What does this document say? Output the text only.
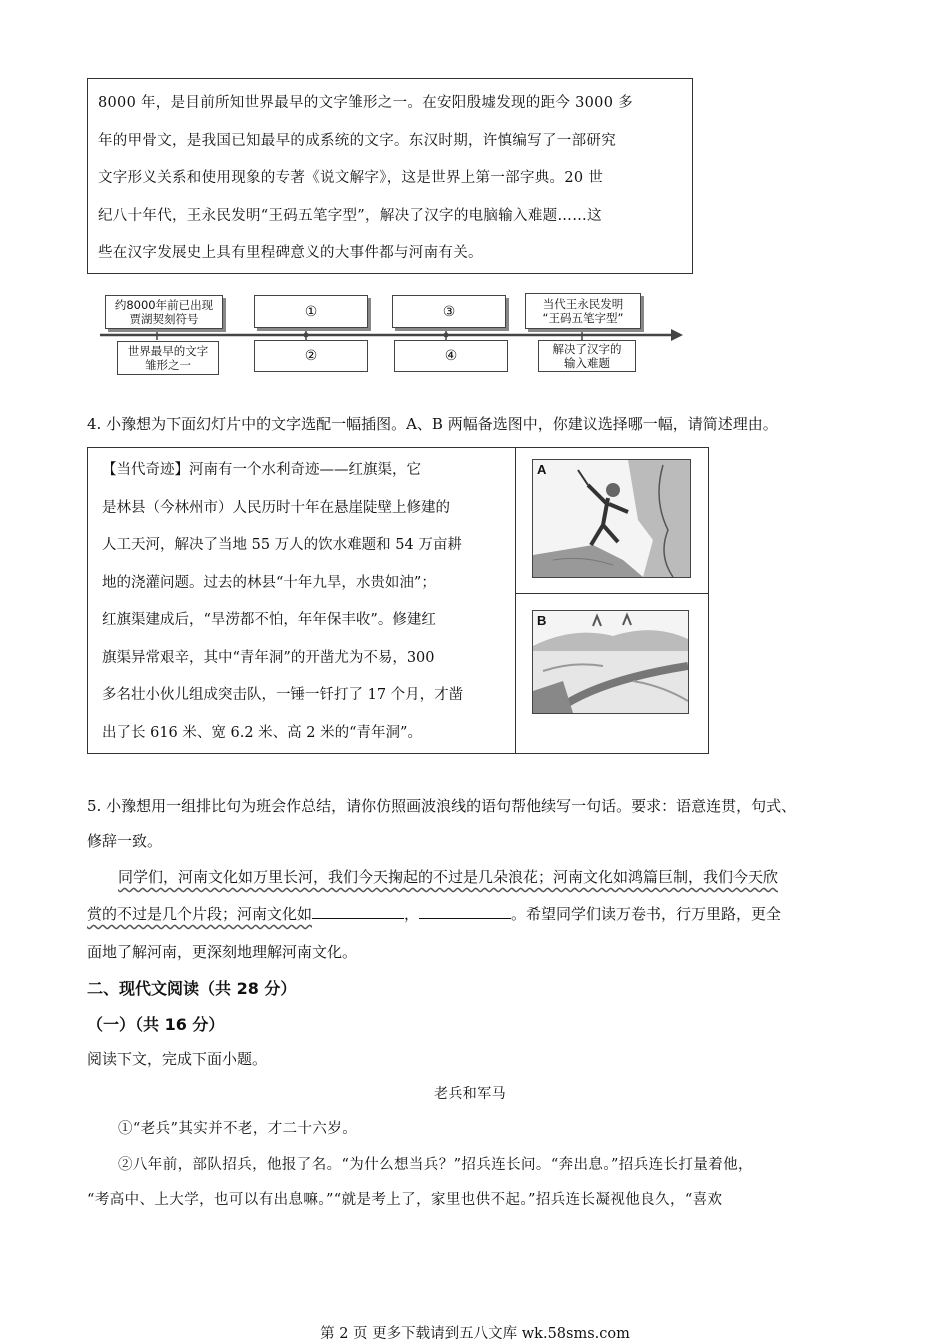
8000 年，是目前所知世界最早的文字雏形之一。在安阳殷墟发现的距今 3000 多

年的甲骨文，是我国已知最早的成系统的文字。东汉时期，许慎编写了一部研究

文字形义关系和使用现象的专著《说文解字》，这是世界上第一部字典。20 世

纪八十年代，王永民发明“王码五笔字型”，解决了汉字的电脑输入难题……这

些在汉字发展史上具有里程碑意义的大事件都与河南有关。

约8000年前已出现
贾湖契刻符号	①	③	当代王永民发明
“王码五笔字型”
世界最早的文字
雏形之一
②	④	解决了汉字的
输入难题
4. 小豫想为下面幻灯片中的文字选配一幅插图。A、B 两幅备选图中，你建议选择哪一幅，请简述理由。

【当代奇迹】河南有一个水利奇迹——红旗渠，它

是林县（今林州市）人民历时十年在悬崖陡壁上修建的

人工天河，解决了当地 55 万人的饮水难题和 54 万亩耕

地的浇灌问题。过去的林县“十年九旱，水贵如油”；

红旗渠建成后，“旱涝都不怕，年年保丰收”。修建红

旗渠异常艰辛，其中“青年洞”的开凿尤为不易，300

多名壮小伙儿组成突击队，一锤一钎打了 17 个月，才凿

出了长 616 米、宽 6.2 米、高 2 米的“青年洞”。

A
B
5. 小豫想用一组排比句为班会作总结，请你仿照画波浪线的语句帮他续写一句话。要求：语意连贯，句式、
修辞一致。
同学们，河南文化如万里长河，我们今天掬起的不过是几朵浪花；河南文化如鸿篇巨制，我们今天欣
赏的不过是几个片段；河南文化如	，	。希望同学们读万卷书，行万里路，更全
面地了解河南，更深刻地理解河南文化。
二、现代文阅读（共 28 分）
（一）（共 16 分）
阅读下文，完成下面小题。
老兵和军马
①“老兵”其实并不老，才二十六岁。
②八年前，部队招兵，他报了名。“为什么想当兵？”招兵连长问。“奔出息。”招兵连长打量着他，
“考高中、上大学，也可以有出息嘛。”“就是考上了，家里也供不起。”招兵连长凝视他良久，“喜欢
第 2 页 更多下载请到五八文库 wk.58sms.com
